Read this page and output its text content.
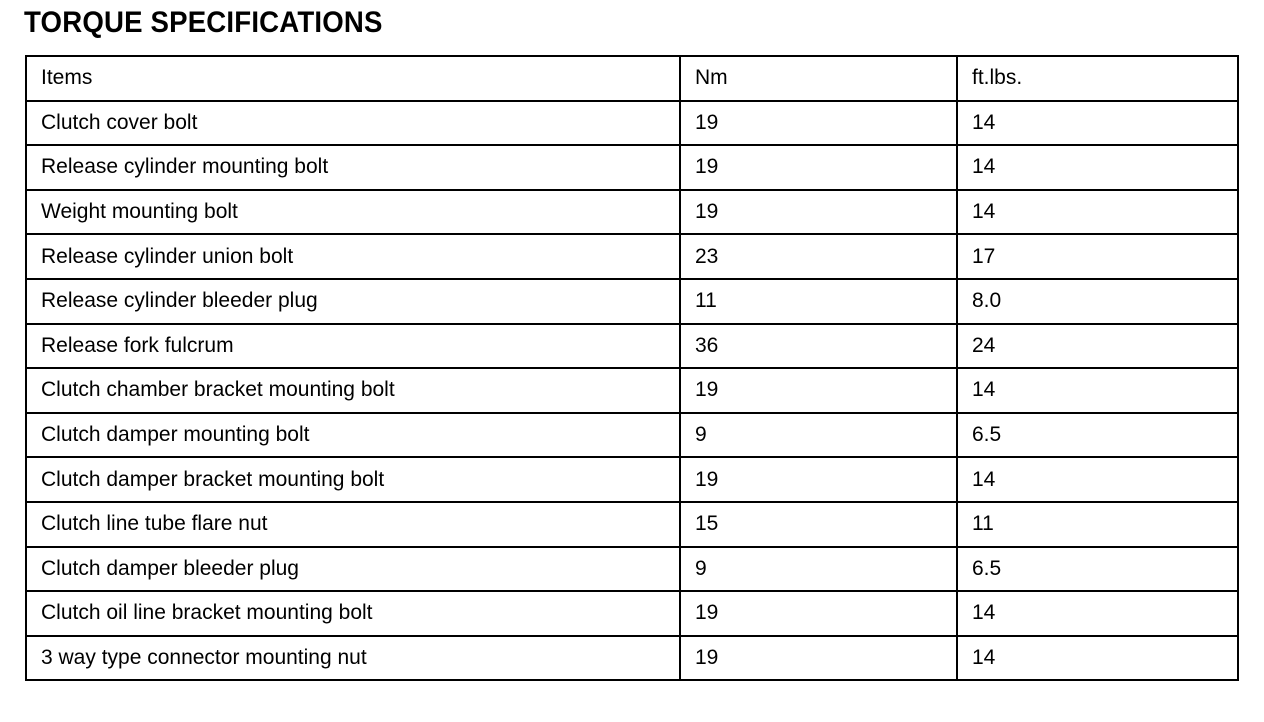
TORQUE SPECIFICATIONS
Items	Nm	ft.lbs.
Clutch cover bolt	19	14
Release cylinder mounting bolt	19	14
Weight mounting bolt	19	14
Release cylinder union bolt	23	17
Release cylinder bleeder plug	11	8.0
Release fork fulcrum	36	24
Clutch chamber bracket mounting bolt	19	14
Clutch damper mounting bolt	9	6.5
Clutch damper bracket mounting bolt	19	14
Clutch line tube flare nut	15	11
Clutch damper bleeder plug	9	6.5
Clutch oil line bracket mounting bolt	19	14
3 way type connector mounting nut	19	14
